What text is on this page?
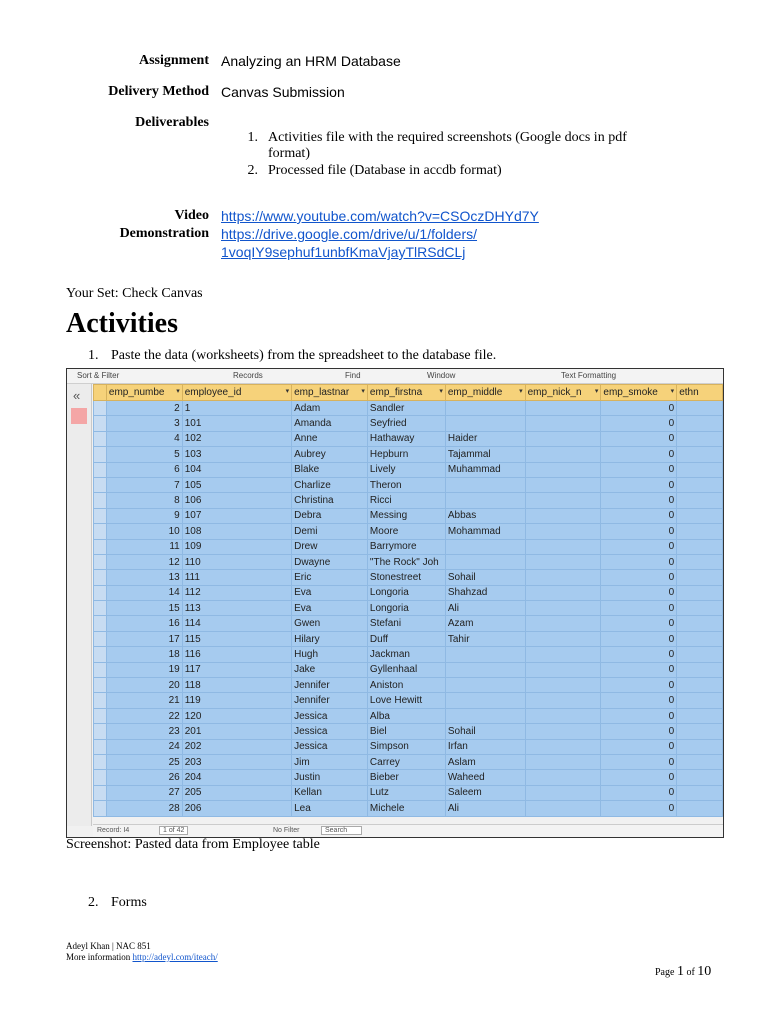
Assignment Analyzing an HRM Database
Delivery Method Canvas Submission
Deliverables
1. Activities file with the required screenshots (Google docs in pdf
format)
2. Processed file (Database in accdb format)
Video
Demonstration
https://www.youtube.com/watch?v=CSOczDHYd7Y
https://drive.google.com/drive/u/1/folders/
1voqIY9sephuf1unbfKmaVjayTlRSdCLj
Your Set: Check Canvas
Activities
1. Paste the data (worksheets) from the spreadsheet to the database file.
Sort & Filter	Records	Find	Window	Text Formatting
«
		emp_numbe ▾	employee_id ▾	emp_lastnar ▾	emp_firstna ▾	emp_middle ▾	emp_nick_n ▾	emp_smoke ▾	ethn
	2	1	Adam	Sandler			0	
	3	101	Amanda	Seyfried			0	
	4	102	Anne	Hathaway	Haider		0	
	5	103	Aubrey	Hepburn	Tajammal		0	
	6	104	Blake	Lively	Muhammad		0	
	7	105	Charlize	Theron			0	
	8	106	Christina	Ricci			0	
	9	107	Debra	Messing	Abbas		0	
	10	108	Demi	Moore	Mohammad		0	
	11	109	Drew	Barrymore			0	
	12	110	Dwayne	"The Rock" Joh			0	
	13	111	Eric	Stonestreet	Sohail		0	
	14	112	Eva	Longoria	Shahzad		0	
	15	113	Eva	Longoria	Ali		0	
	16	114	Gwen	Stefani	Azam		0	
	17	115	Hilary	Duff	Tahir		0	
	18	116	Hugh	Jackman			0	
	19	117	Jake	Gyllenhaal			0	
	20	118	Jennifer	Aniston			0	
	21	119	Jennifer	Love Hewitt			0	
	22	120	Jessica	Alba			0	
	23	201	Jessica	Biel	Sohail		0	
	24	202	Jessica	Simpson	Irfan		0	
	25	203	Jim	Carrey	Aslam		0	
	26	204	Justin	Bieber	Waheed		0	
	27	205	Kellan	Lutz	Saleem		0	
	28	206	Lea	Michele	Ali		0	
Record: I4	1 of 42	No Filter	Search
Screenshot: Pasted data from Employee table
2. Forms
Adeyl Khan | NAC 851
More information http://adeyl.com/iteach/
Page 1 of 10
